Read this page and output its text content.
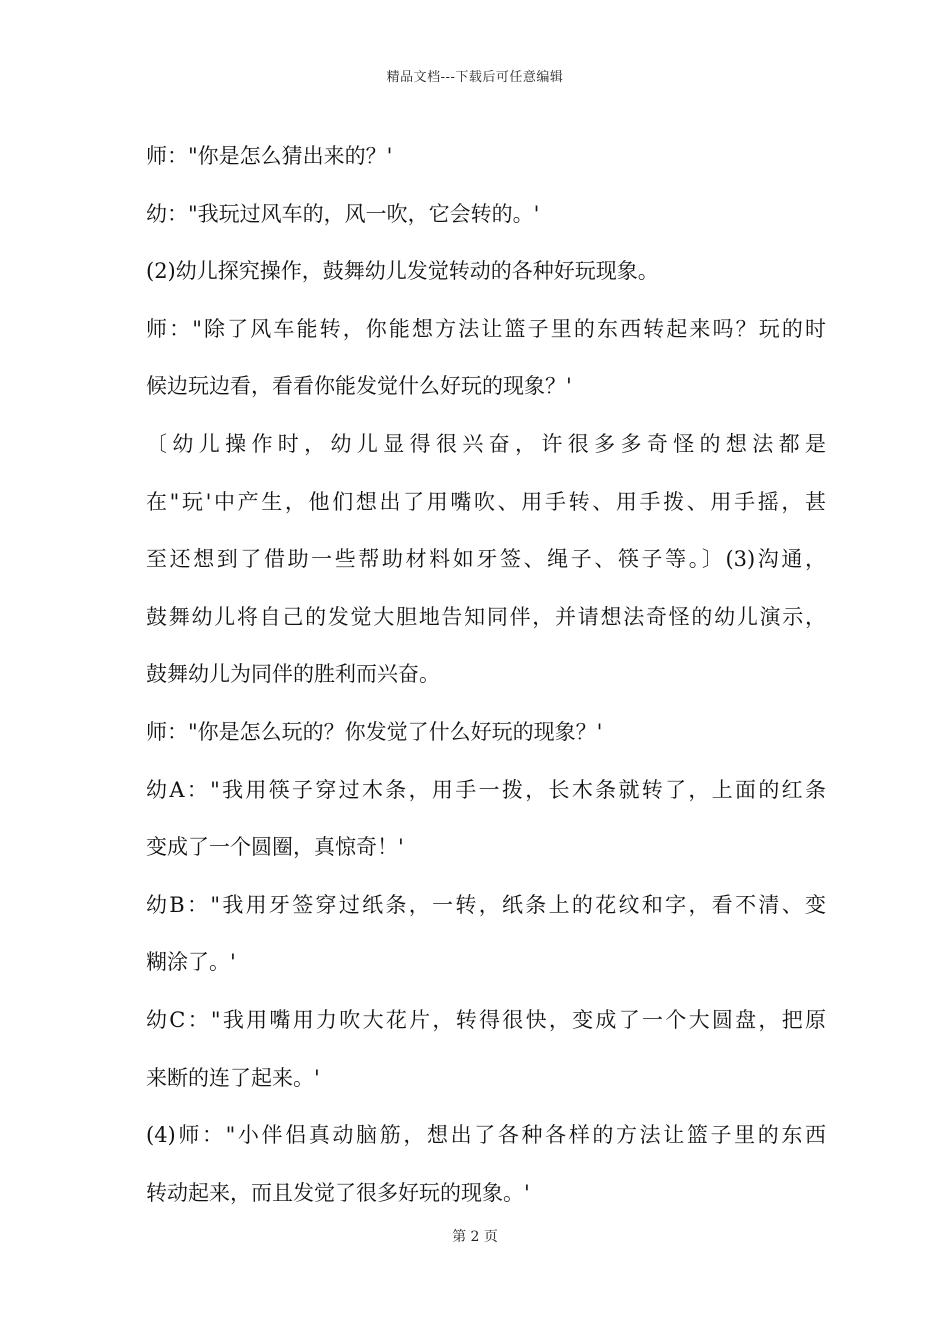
精品文档---下载后可任意编辑
师："你是怎么猜出来的？'
幼："我玩过风车的，风一吹，它会转的。'
(2)幼儿探究操作，鼓舞幼儿发觉转动的各种好玩现象。
师："除了风车能转，你能想方法让篮子里的东西转起来吗？玩的时
候边玩边看，看看你能发觉什么好玩的现象？'
〔幼儿操作时，幼儿显得很兴奋，许很多多奇怪的想法都是
在"玩'中产生，他们想出了用嘴吹、用手转、用手拨、用手摇，甚
至还想到了借助一些帮助材料如牙签、绳子、筷子等。〕(3)沟通，
鼓舞幼儿将自己的发觉大胆地告知同伴，并请想法奇怪的幼儿演示，
鼓舞幼儿为同伴的胜利而兴奋。
师："你是怎么玩的？你发觉了什么好玩的现象？'
幼A："我用筷子穿过木条，用手一拨，长木条就转了，上面的红条
变成了一个圆圈，真惊奇！'
幼B："我用牙签穿过纸条，一转，纸条上的花纹和字，看不清、变
糊涂了。'
幼C："我用嘴用力吹大花片，转得很快，变成了一个大圆盘，把原
来断的连了起来。'
(4)师："小伴侣真动脑筋，想出了各种各样的方法让篮子里的东西
转动起来，而且发觉了很多好玩的现象。'
第 2 页
